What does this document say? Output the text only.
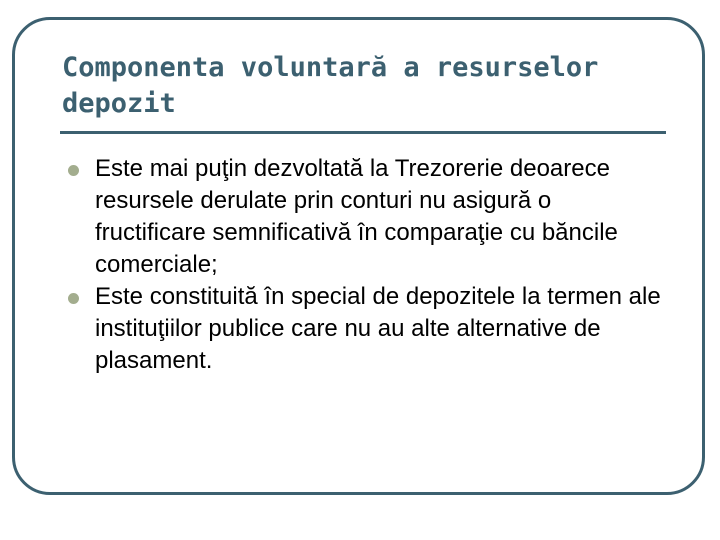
Componenta voluntară a resurselor depozit
Este mai puţin dezvoltată la Trezorerie deoarece resursele derulate prin conturi nu asigură o fructificare semnificativă în comparaţie cu băncile comerciale;
Este constituită în special de depozitele la termen ale instituţiilor publice care nu au alte alternative de plasament.
